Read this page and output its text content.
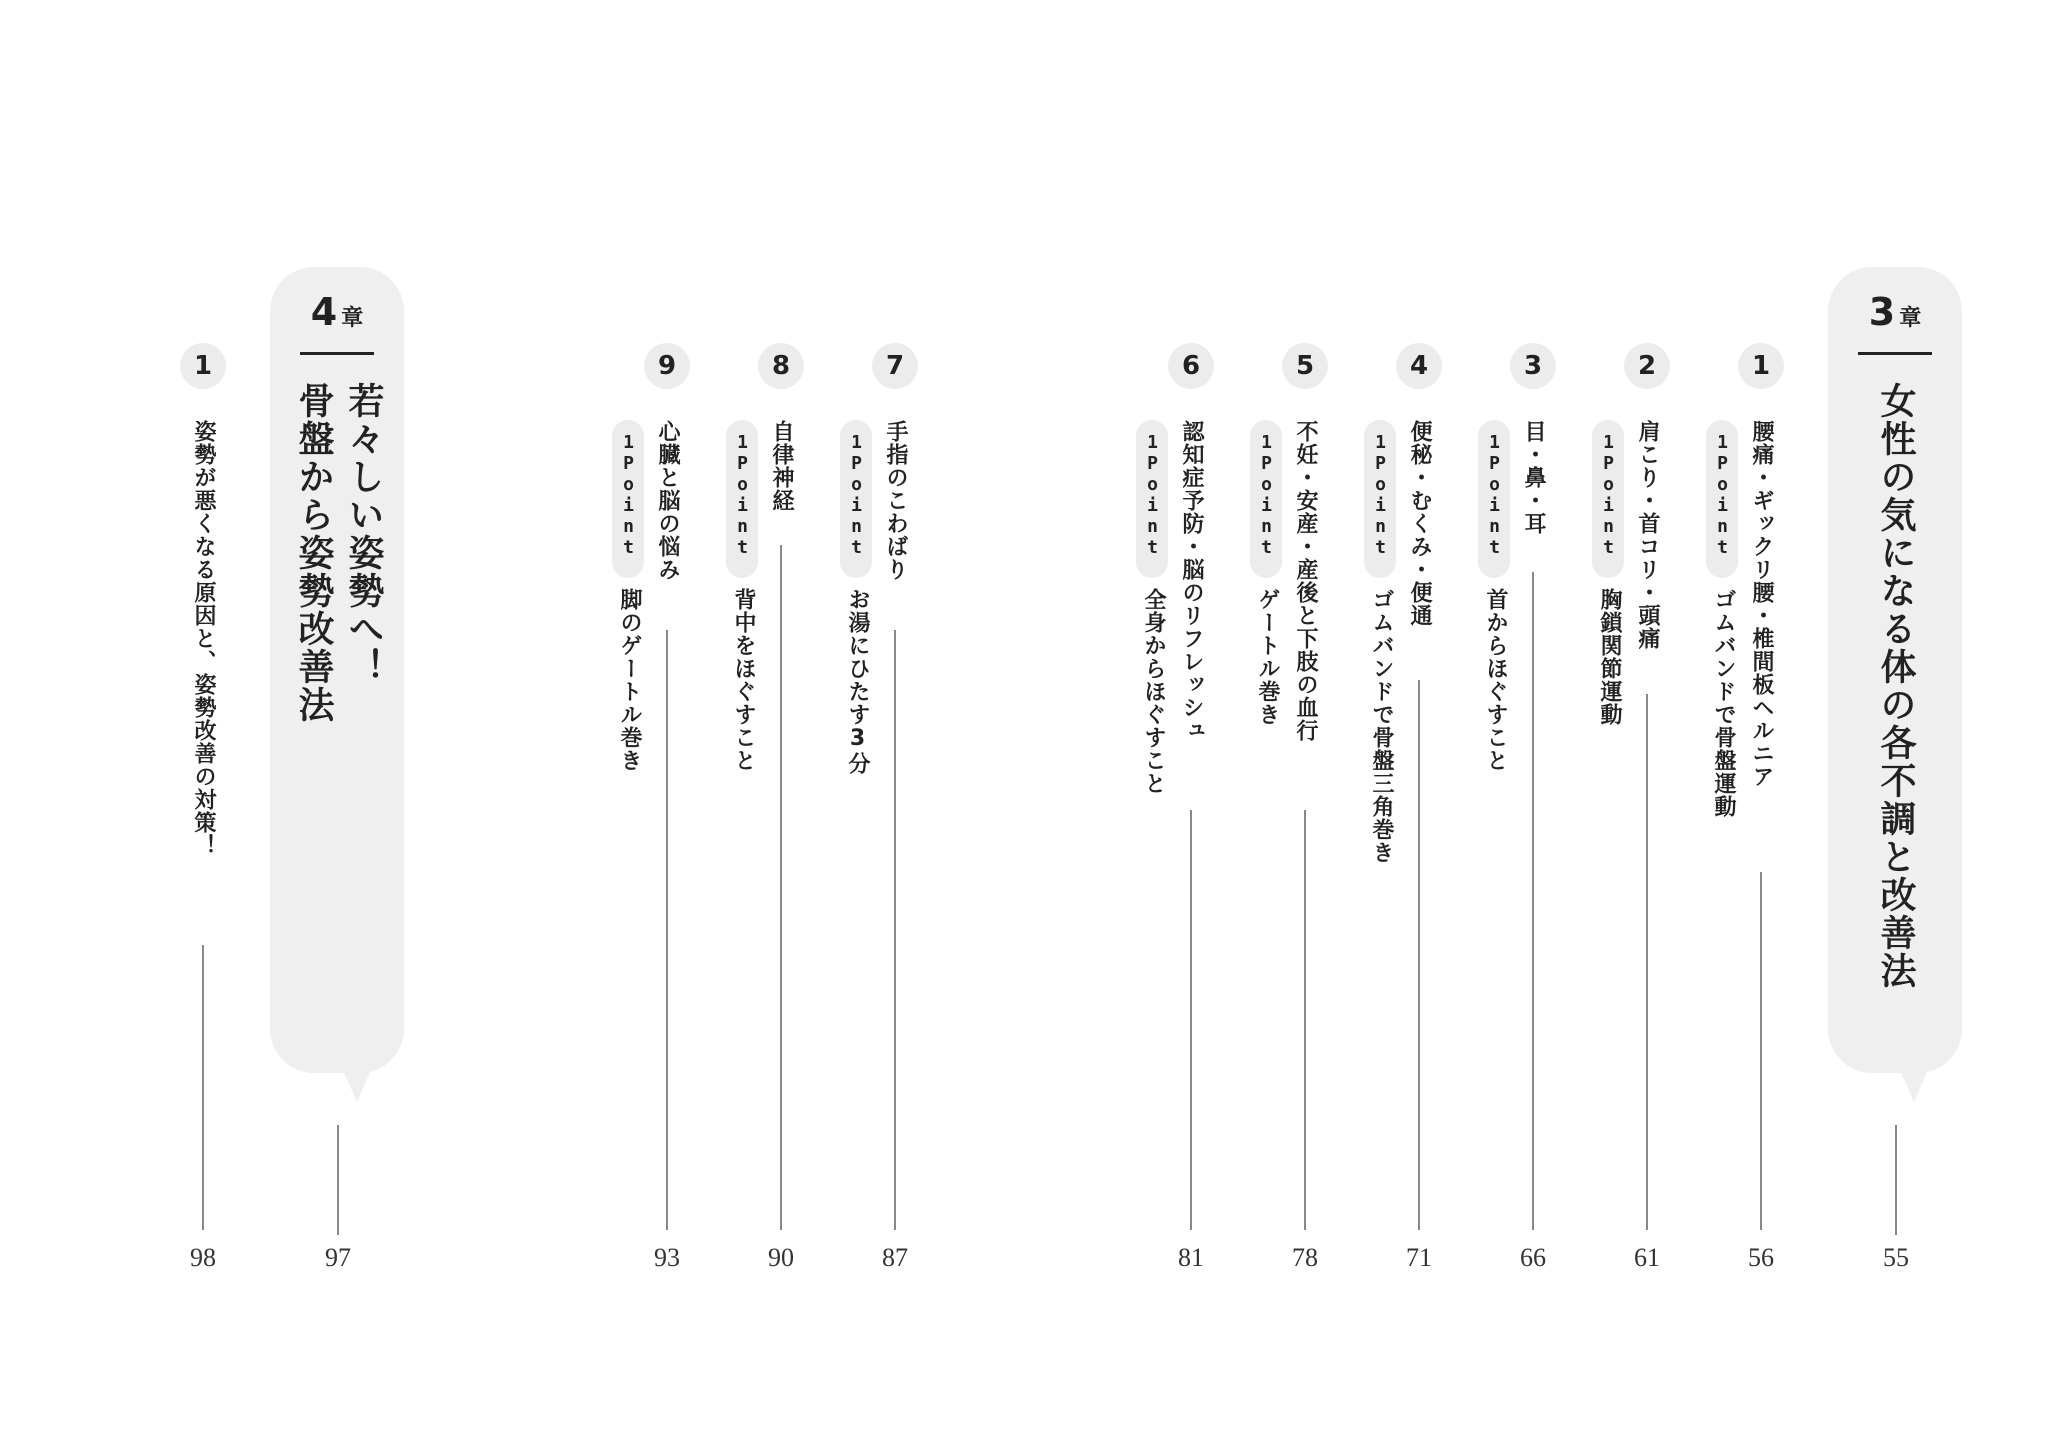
3 章
女性の気になる体の各不調と改善法
55
1
腰痛・ギックリ腰・椎間板ヘルニア
1Point
ゴムバンドで骨盤運動
56
2
肩こり・首コリ・頭痛
1Point
胸鎖関節運動
61
3
目・鼻・耳
1Point
首からほぐすこと
66
4
便秘・むくみ・便通
1Point
ゴムバンドで骨盤三角巻き
71
5
不妊・安産・産後と下肢の血行
1Point
ゲートル巻き
78
6
認知症予防・脳のリフレッシュ
1Point
全身からほぐすこと
81
7
手指のこわばり
1Point
お湯にひたす3分
87
8
自律神経
1Point
背中をほぐすこと
90
9
心臓と脳の悩み
1Point
脚のゲートル巻き
93
4 章
若々しい姿勢へ！
骨盤から姿勢改善法
97
1
姿勢が悪くなる原因と、姿勢改善の対策！
98
